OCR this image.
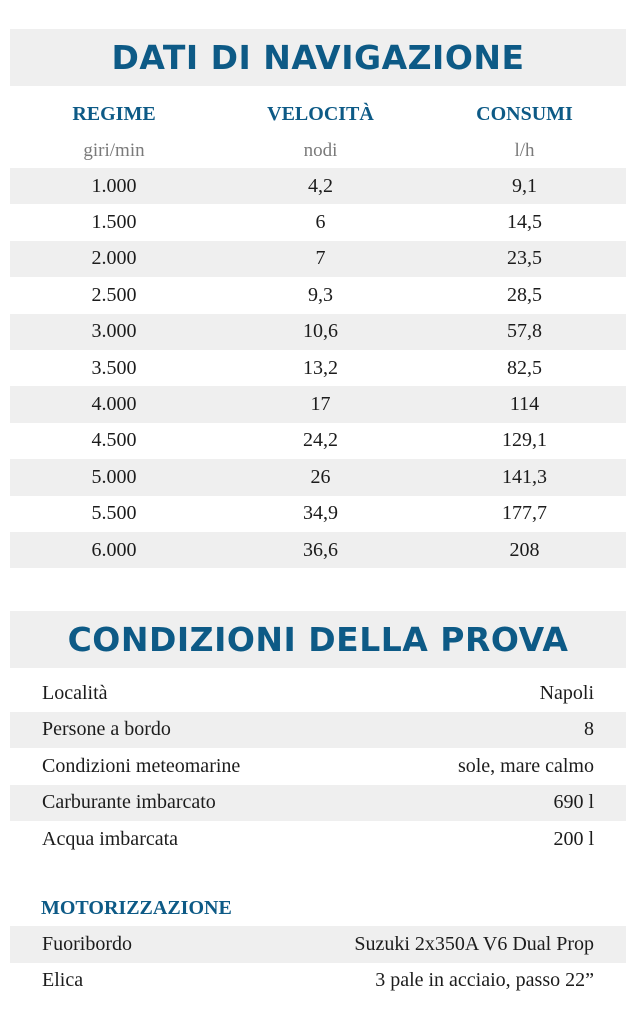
DATI DI NAVIGAZIONE
REGIME	VELOCITÀ	CONSUMI
giri/min	nodi	l/h
1.000	4,2	9,1
1.500	6	14,5
2.000	7	23,5
2.500	9,3	28,5
3.000	10,6	57,8
3.500	13,2	82,5
4.000	17	114
4.500	24,2	129,1
5.000	26	141,3
5.500	34,9	177,7
6.000	36,6	208
CONDIZIONI DELLA PROVA
Località	Napoli
Persone a bordo	8
Condizioni meteomarine	sole, mare calmo
Carburante imbarcato	690 l
Acqua imbarcata	200 l
MOTORIZZAZIONE
Fuoribordo	Suzuki 2x350A V6 Dual Prop
Elica	3 pale in acciaio, passo 22”
